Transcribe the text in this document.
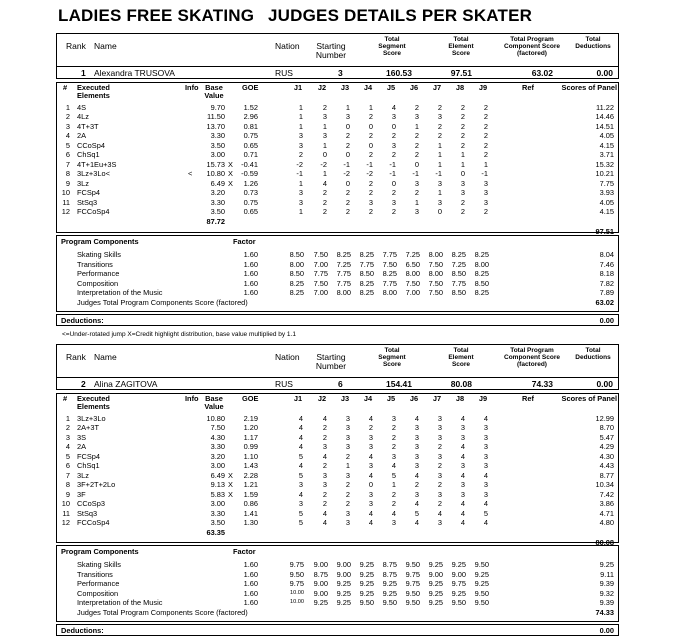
LADIES FREE SKATING JUDGES DETAILS PER SKATER
Rank Name	Nation	Starting Number
Total Segment Score
Total Element Score
Total Program Component Score (factored)
Total Deductions
1 Alexandra TRUSOVA	RUS	3	160.53	97.51	63.02	0.00
# Executed Elements
Info Base Value
GOE	J1	J2	J3	J4	J5	J6	J7	J8	J9	Ref	Scores of Panel
1 4S	9.70	1.52	1	2	1	1	4	2	2	2	2	11.22
2 4Lz	11.50	2.96	1	3	3	2	3	3	3	2	2	14.46
3 4T+3T	13.70	0.81	1	1	0	0	0	1	2	2	2	14.51
4 2A	3.30	0.75	3	3	2	2	2	2	2	2	2	4.05
5 CCoSp4	3.50	0.65	3	1	2	0	3	2	1	2	2	4.15
6 ChSq1	3.00	0.71	2	0	0	2	2	2	1	1	2	3.71
7 4T+1Eu+3S	15.73 X	-0.41	-2	-2	-1	-1	-1	0	1	1	1	15.32
8 3Lz+3Lo<	<	10.80 X	-0.59	-1	1	-2	-2	-1	-1	-1	0	-1	10.21
9 3Lz	6.49 X	1.26	1	4	0	2	0	3	3	3	3	7.75
10 FCSp4	3.20	0.73	3	2	2	2	2	2	1	3	3	3.93
11 StSq3	3.30	0.75	3	2	2	3	3	1	3	2	3	4.05
12 FCCoSp4	3.50	0.65	1	2	2	2	2	3	0	2	2	4.15
87.72
97.51
Program Components	Factor
Skating Skills	1.60	8.50	7.50	8.25	8.25	7.75	7.25	8.00	8.25	8.25	8.04
Transitions	1.60	8.00	7.00	7.25	7.75	7.50	6.50	7.50	7.25	8.00	7.46
Performance	1.60	8.50	7.75	7.75	8.50	8.25	8.00	8.00	8.50	8.25	8.18
Composition	1.60	8.25	7.50	7.75	8.25	7.75	7.50	7.50	7.75	8.50	7.82
Interpretation of the Music	1.60	8.25	7.00	8.00	8.25	8.00	7.00	7.50	8.50	8.25	7.89
Judges Total Program Components Score (factored)	63.02
Deductions:	0.00
Rank Name	Nation	Starting Number
Total Segment Score
Total Element Score
Total Program Component Score (factored)
Total Deductions
2 Alina ZAGITOVA	RUS	6	154.41	80.08	74.33	0.00
# Executed Elements
Info Base Value
GOE	J1	J2	J3	J4	J5	J6	J7	J8	J9	Ref	Scores of Panel
1 3Lz+3Lo	10.80	2.19	4	4	3	4	3	4	3	4	4	12.99
2 2A+3T	7.50	1.20	4	2	3	2	2	3	3	3	3	8.70
3 3S	4.30	1.17	4	2	3	3	2	3	3	3	3	5.47
4 2A	3.30	0.99	4	3	3	3	2	3	2	4	3	4.29
5 FCSp4	3.20	1.10	5	4	2	4	3	3	3	4	3	4.30
6 ChSq1	3.00	1.43	4	2	1	3	4	3	2	3	3	4.43
7 3Lz	6.49 X	2.28	5	3	3	4	5	4	3	4	4	8.77
8 3F+2T+2Lo	9.13 X	1.21	3	3	2	0	1	2	2	3	3	10.34
9 3F	5.83 X	1.59	4	2	2	3	2	3	3	3	3	7.42
10 CCoSp3	3.00	0.86	3	2	2	3	2	4	2	4	4	3.86
11 StSq3	3.30	1.41	5	4	3	4	4	5	4	4	5	4.71
12 FCCoSp4	3.50	1.30	5	4	3	4	3	4	3	4	4	4.80
63.35
80.08
Program Components	Factor
Skating Skills	1.60	9.75	9.00	9.00	9.25	8.75	9.50	9.25	9.25	9.50	9.25
Transitions	1.60	9.50	8.75	9.00	9.25	8.75	9.75	9.00	9.00	9.25	9.11
Performance	1.60	9.75	9.00	9.25	9.25	9.25	9.75	9.25	9.75	9.25	9.39
Composition	1.60	10.00	9.00	9.25	9.25	9.25	9.50	9.25	9.25	9.50	9.32
Interpretation of the Music	1.60	10.00	9.25	9.25	9.50	9.50	9.50	9.25	9.50	9.50	9.39
Judges Total Program Components Score (factored)	74.33
Deductions:	0.00
<=Under-rotated jump X=Credit highlight distribution, base value multiplied by 1.1
